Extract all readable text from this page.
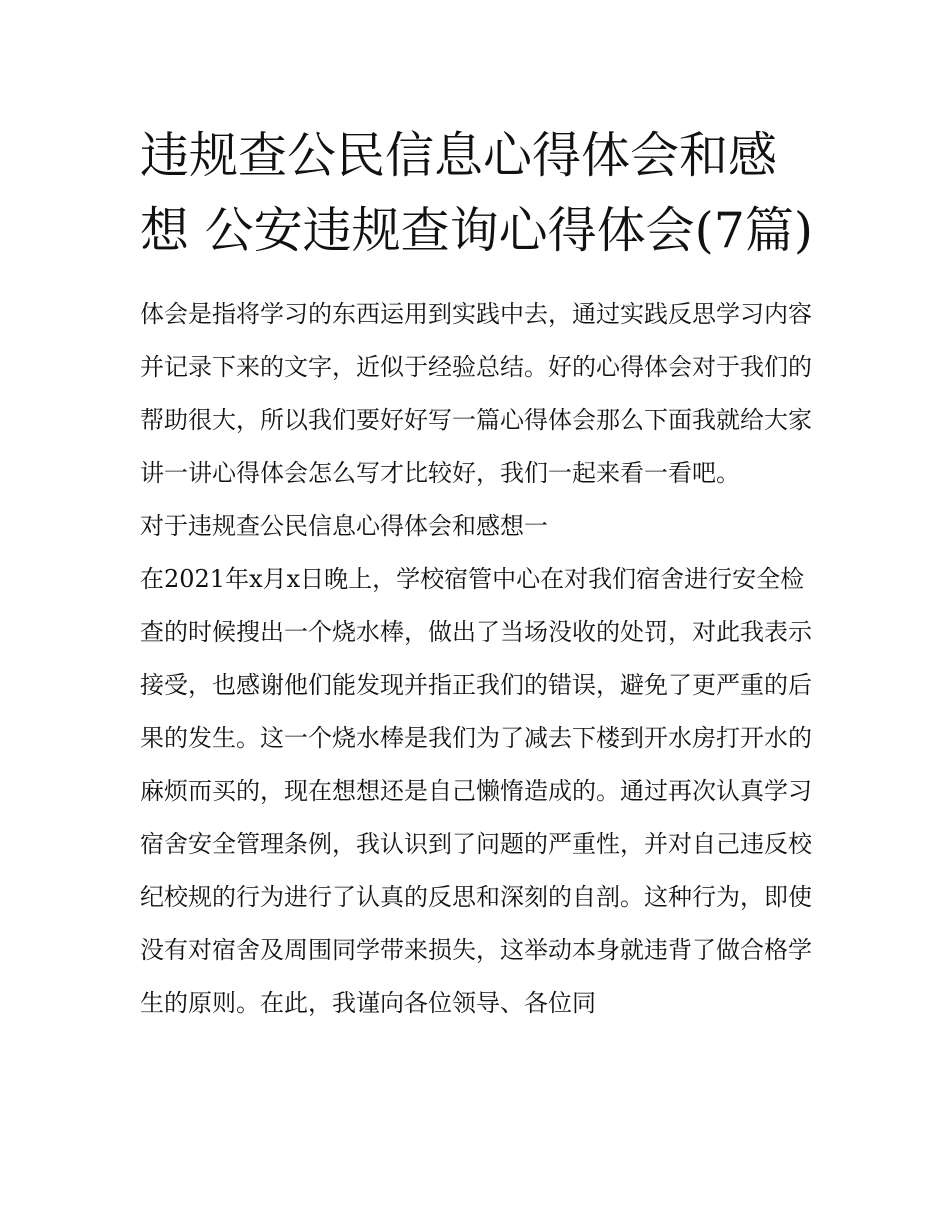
违规查公民信息心得体会和感想 公安违规查询心得体会(7篇)

体会是指将学习的东西运用到实践中去，通过实践反思学习内容并记录下来的文字，近似于经验总结。好的心得体会对于我们的帮助很大，所以我们要好好写一篇心得体会那么下面我就给大家讲一讲心得体会怎么写才比较好，我们一起来看一看吧。

对于违规查公民信息心得体会和感想一

在2021年x月x日晚上，学校宿管中心在对我们宿舍进行安全检查的时候搜出一个烧水棒，做出了当场没收的处罚，对此我表示接受，也感谢他们能发现并指正我们的错误，避免了更严重的后果的发生。这一个烧水棒是我们为了减去下楼到开水房打开水的麻烦而买的，现在想想还是自己懒惰造成的。通过再次认真学习宿舍安全管理条例，我认识到了问题的严重性，并对自己违反校纪校规的行为进行了认真的反思和深刻的自剖。这种行为，即使没有对宿舍及周围同学带来损失，这举动本身就违背了做合格学生的原则。在此，我谨向各位领导、各位同
